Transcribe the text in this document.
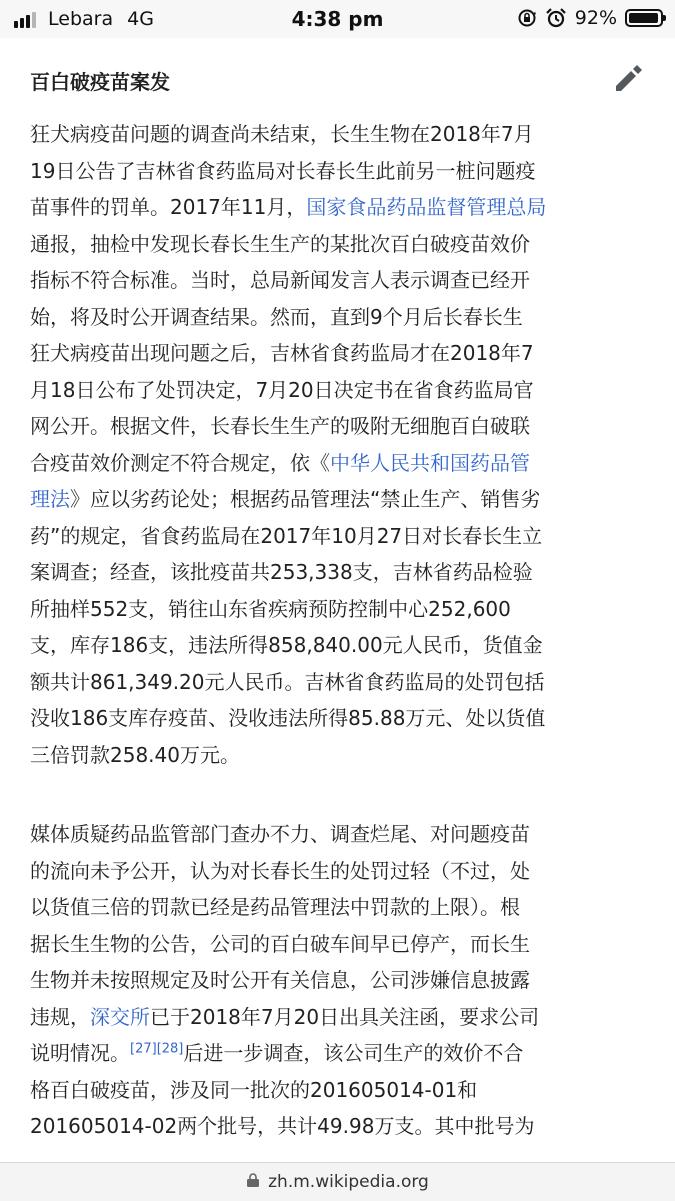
Lebara 4G	4:38 pm	92%
百白破疫苗案发
狂犬病疫苗问题的调查尚未结束，长生生物在2018年7月
19日公告了吉林省食药监局对长春长生此前另一桩问题疫
苗事件的罚单。2017年11月，国家食品药品监督管理总局
通报，抽检中发现长春长生生产的某批次百白破疫苗效价
指标不符合标准。当时，总局新闻发言人表示调查已经开
始，将及时公开调查结果。然而，直到9个月后长春长生
狂犬病疫苗出现问题之后，吉林省食药监局才在2018年7
月18日公布了处罚决定，7月20日决定书在省食药监局官
网公开。根据文件，长春长生生产的吸附无细胞百白破联
合疫苗效价测定不符合规定，依《中华人民共和国药品管
理法》应以劣药论处；根据药品管理法“禁止生产、销售劣
药”的规定，省食药监局在2017年10月27日对长春长生立
案调查；经查，该批疫苗共253,338支，吉林省药品检验
所抽样552支，销往山东省疾病预防控制中心252,600
支，库存186支，违法所得858,840.00元人民币，货值金
额共计861,349.20元人民币。吉林省食药监局的处罚包括
没收186支库存疫苗、没收违法所得85.88万元、处以货值
三倍罚款258.40万元。
媒体质疑药品监管部门查办不力、调查烂尾、对问题疫苗
的流向未予公开，认为对长春长生的处罚过轻（不过，处
以货值三倍的罚款已经是药品管理法中罚款的上限）。根
据长生生物的公告，公司的百白破车间早已停产，而长生
生物并未按照规定及时公开有关信息，公司涉嫌信息披露
违规，深交所已于2018年7月20日出具关注函，要求公司
说明情况。[27][28]后进一步调查，该公司生产的效价不合
格百白破疫苗，涉及同一批次的201605014-01和
201605014-02两个批号，共计49.98万支。其中批号为
zh.m.wikipedia.org
